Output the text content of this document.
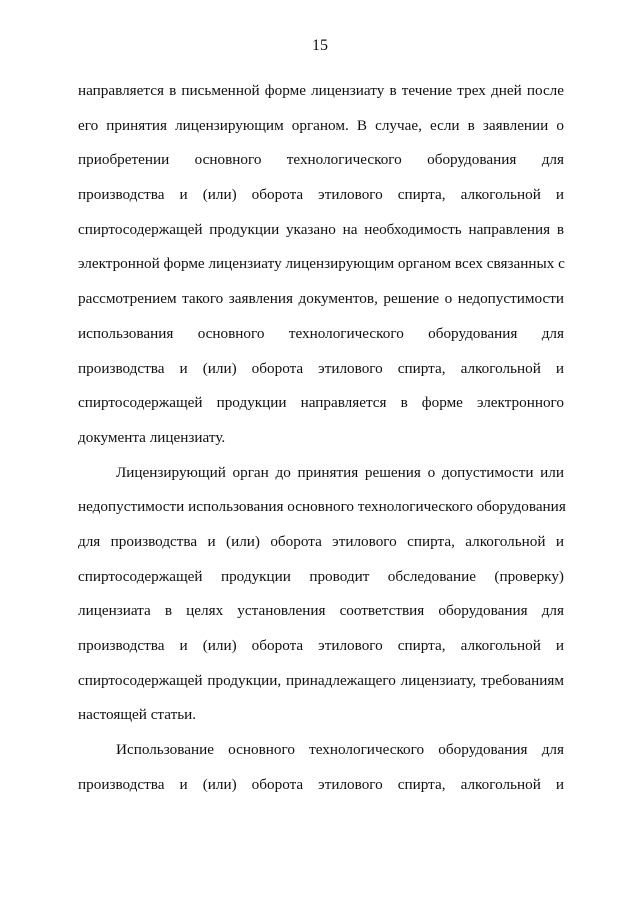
15
направляется в письменной форме лицензиату в течение трех дней после
его принятия лицензирующим органом. В случае, если в заявлении о
приобретении основного технологического оборудования для
производства и (или) оборота этилового спирта, алкогольной и
спиртосодержащей продукции указано на необходимость направления в
электронной форме лицензиату лицензирующим органом всех связанных с
рассмотрением такого заявления документов, решение о недопустимости
использования основного технологического оборудования для
производства и (или) оборота этилового спирта, алкогольной и
спиртосодержащей продукции направляется в форме электронного
документа лицензиату.
Лицензирующий орган до принятия решения о допустимости или
недопустимости использования основного технологического оборудования
для производства и (или) оборота этилового спирта, алкогольной и
спиртосодержащей продукции проводит обследование (проверку)
лицензиата в целях установления соответствия оборудования для
производства и (или) оборота этилового спирта, алкогольной и
спиртосодержащей продукции, принадлежащего лицензиату, требованиям
настоящей статьи.
Использование основного технологического оборудования для
производства и (или) оборота этилового спирта, алкогольной и
